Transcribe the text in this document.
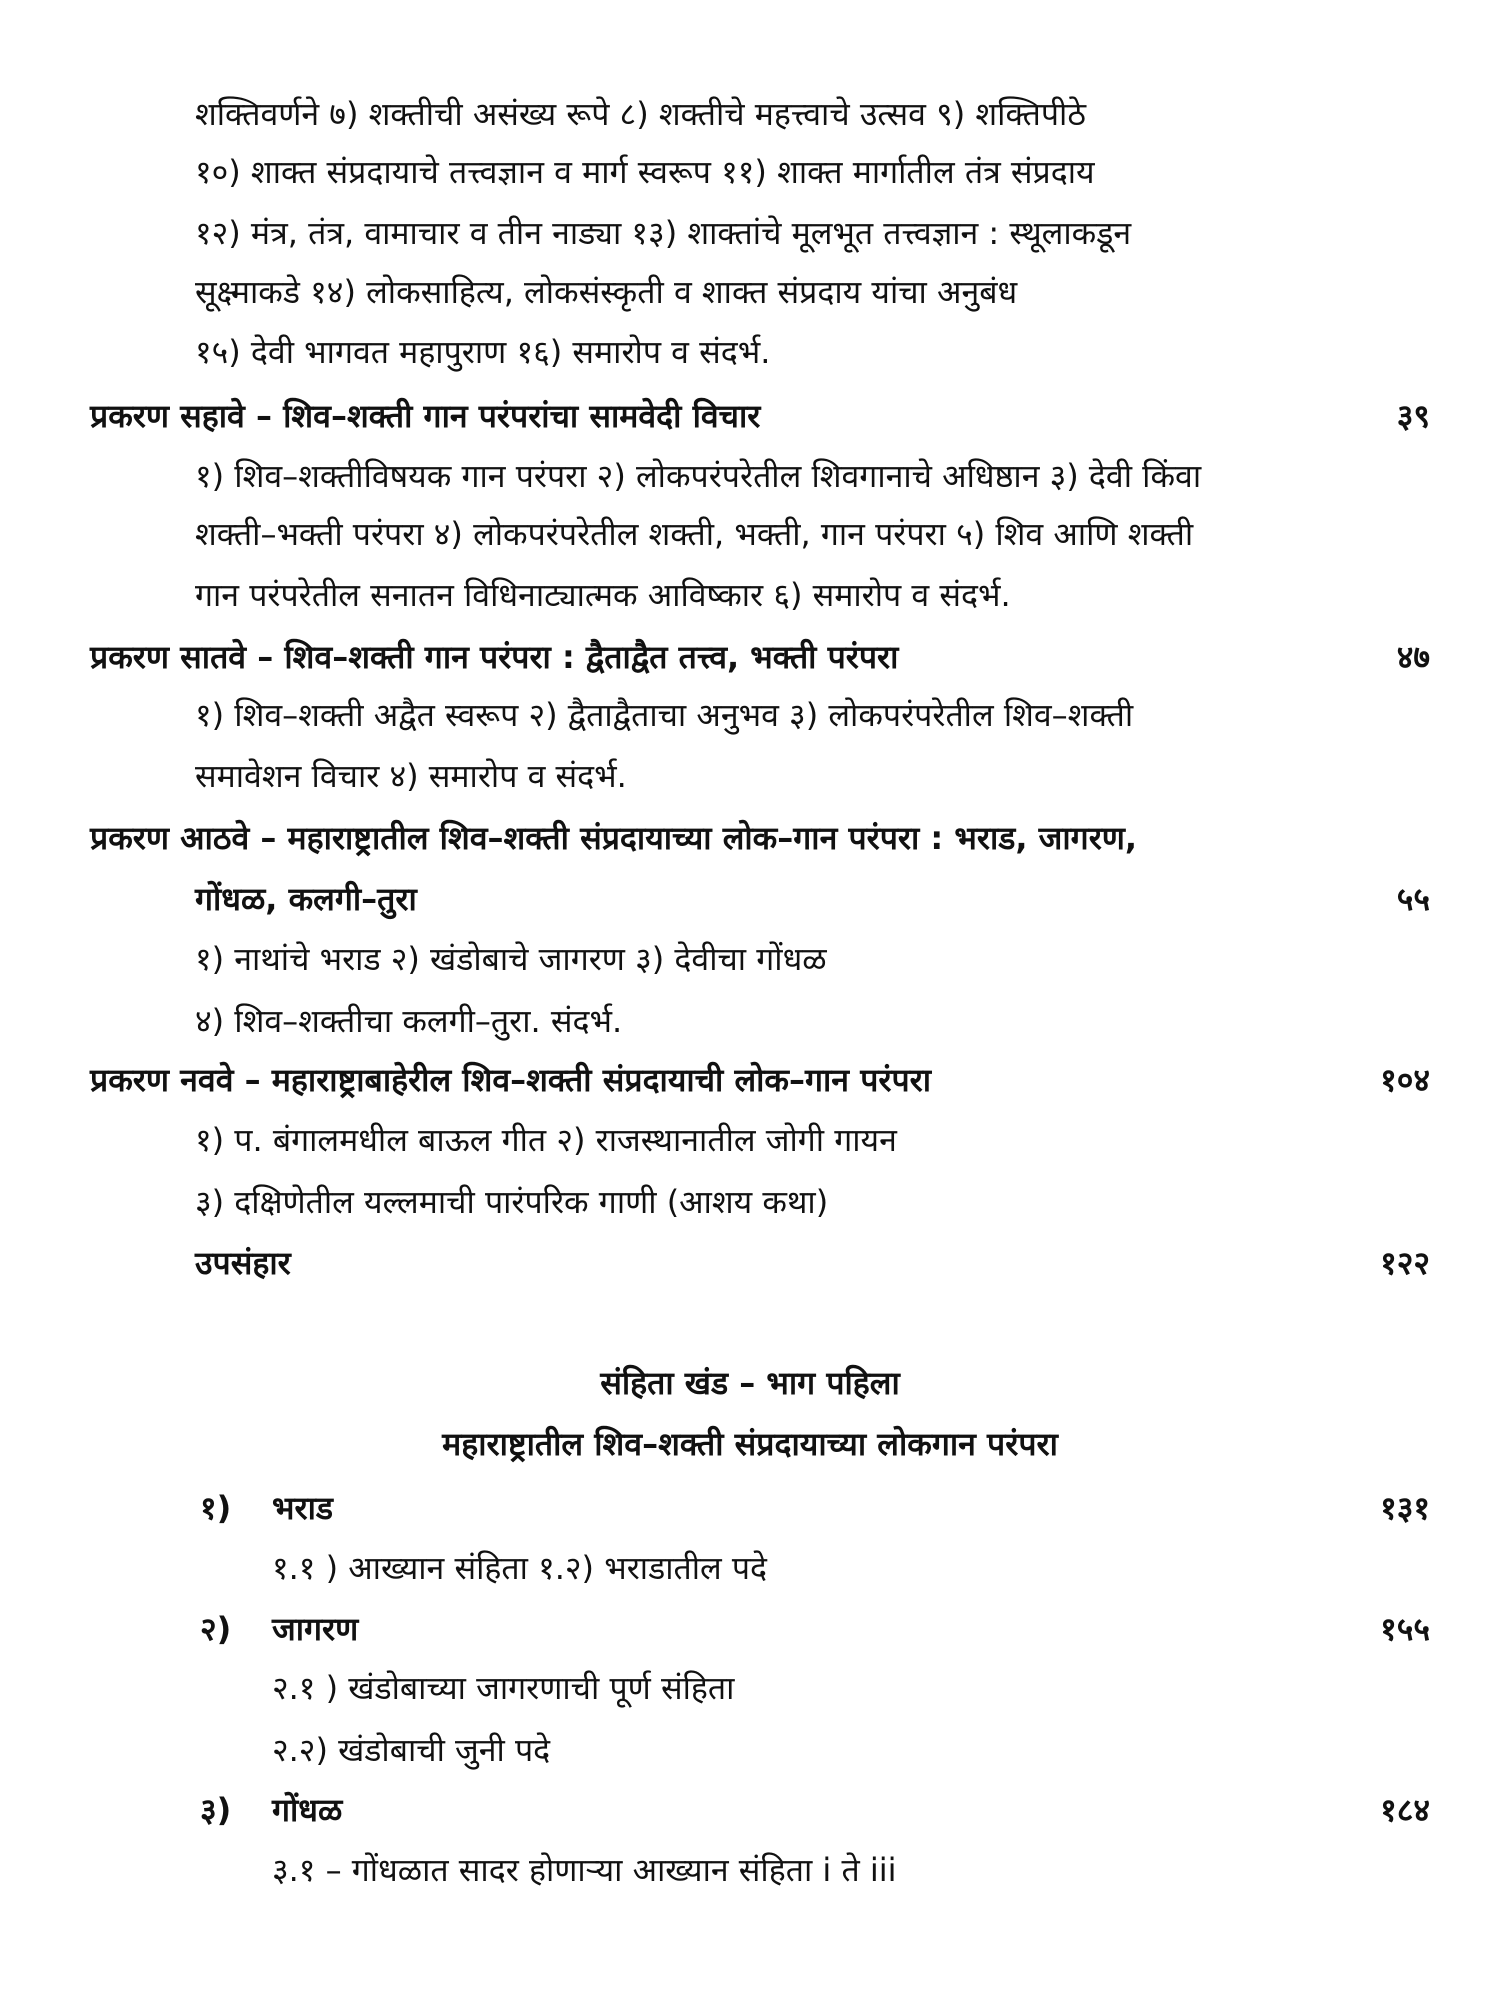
शक्तिवर्णने ७) शक्तीची असंख्य रूपे ८) शक्तीचे महत्त्वाचे उत्सव ९) शक्तिपीठे
१०) शाक्त संप्रदायाचे तत्त्वज्ञान व मार्ग स्वरूप ११) शाक्त मार्गातील तंत्र संप्रदाय
१२) मंत्र, तंत्र, वामाचार व तीन नाड्या १३) शाक्तांचे मूलभूत तत्त्वज्ञान : स्थूलाकडून
सूक्ष्माकडे १४) लोकसाहित्य, लोकसंस्कृती व शाक्त संप्रदाय यांचा अनुबंध
१५) देवी भागवत महापुराण १६) समारोप व संदर्भ.
प्रकरण सहावे – शिव–शक्ती गान परंपरांचा सामवेदी विचार	३९
१) शिव–शक्तीविषयक गान परंपरा २) लोकपरंपरेतील शिवगानाचे अधिष्ठान ३) देवी किंवा
शक्ती–भक्ती परंपरा ४) लोकपरंपरेतील शक्ती, भक्ती, गान परंपरा ५) शिव आणि शक्ती
गान परंपरेतील सनातन विधिनाट्यात्मक आविष्कार ६) समारोप व संदर्भ.
प्रकरण सातवे – शिव–शक्ती गान परंपरा : द्वैताद्वैत तत्त्व, भक्ती परंपरा	४७
१) शिव–शक्ती अद्वैत स्वरूप २) द्वैताद्वैताचा अनुभव ३) लोकपरंपरेतील शिव–शक्ती
समावेशन विचार ४) समारोप व संदर्भ.
प्रकरण आठवे – महाराष्ट्रातील शिव–शक्ती संप्रदायाच्या लोक–गान परंपरा : भराड, जागरण,
गोंधळ, कलगी–तुरा	५५
१) नाथांचे भराड २) खंडोबाचे जागरण ३) देवीचा गोंधळ
४) शिव–शक्तीचा कलगी–तुरा. संदर्भ.
प्रकरण नववे – महाराष्ट्राबाहेरील शिव–शक्ती संप्रदायाची लोक–गान परंपरा	१०४
१) प. बंगालमधील बाऊल गीत २) राजस्थानातील जोगी गायन
३) दक्षिणेतील यल्लमाची पारंपरिक गाणी (आशय कथा)
उपसंहार	१२२
संहिता खंड – भाग पहिला
महाराष्ट्रातील शिव–शक्ती संप्रदायाच्या लोकगान परंपरा
१) भराड	१३१
१.१ ) आख्यान संहिता १.२) भराडातील पदे
२) जागरण	१५५
२.१ ) खंडोबाच्या जागरणाची पूर्ण संहिता
२.२) खंडोबाची जुनी पदे
३) गोंधळ	१८४
३.१ – गोंधळात सादर होणाऱ्या आख्यान संहिता i ते iii
